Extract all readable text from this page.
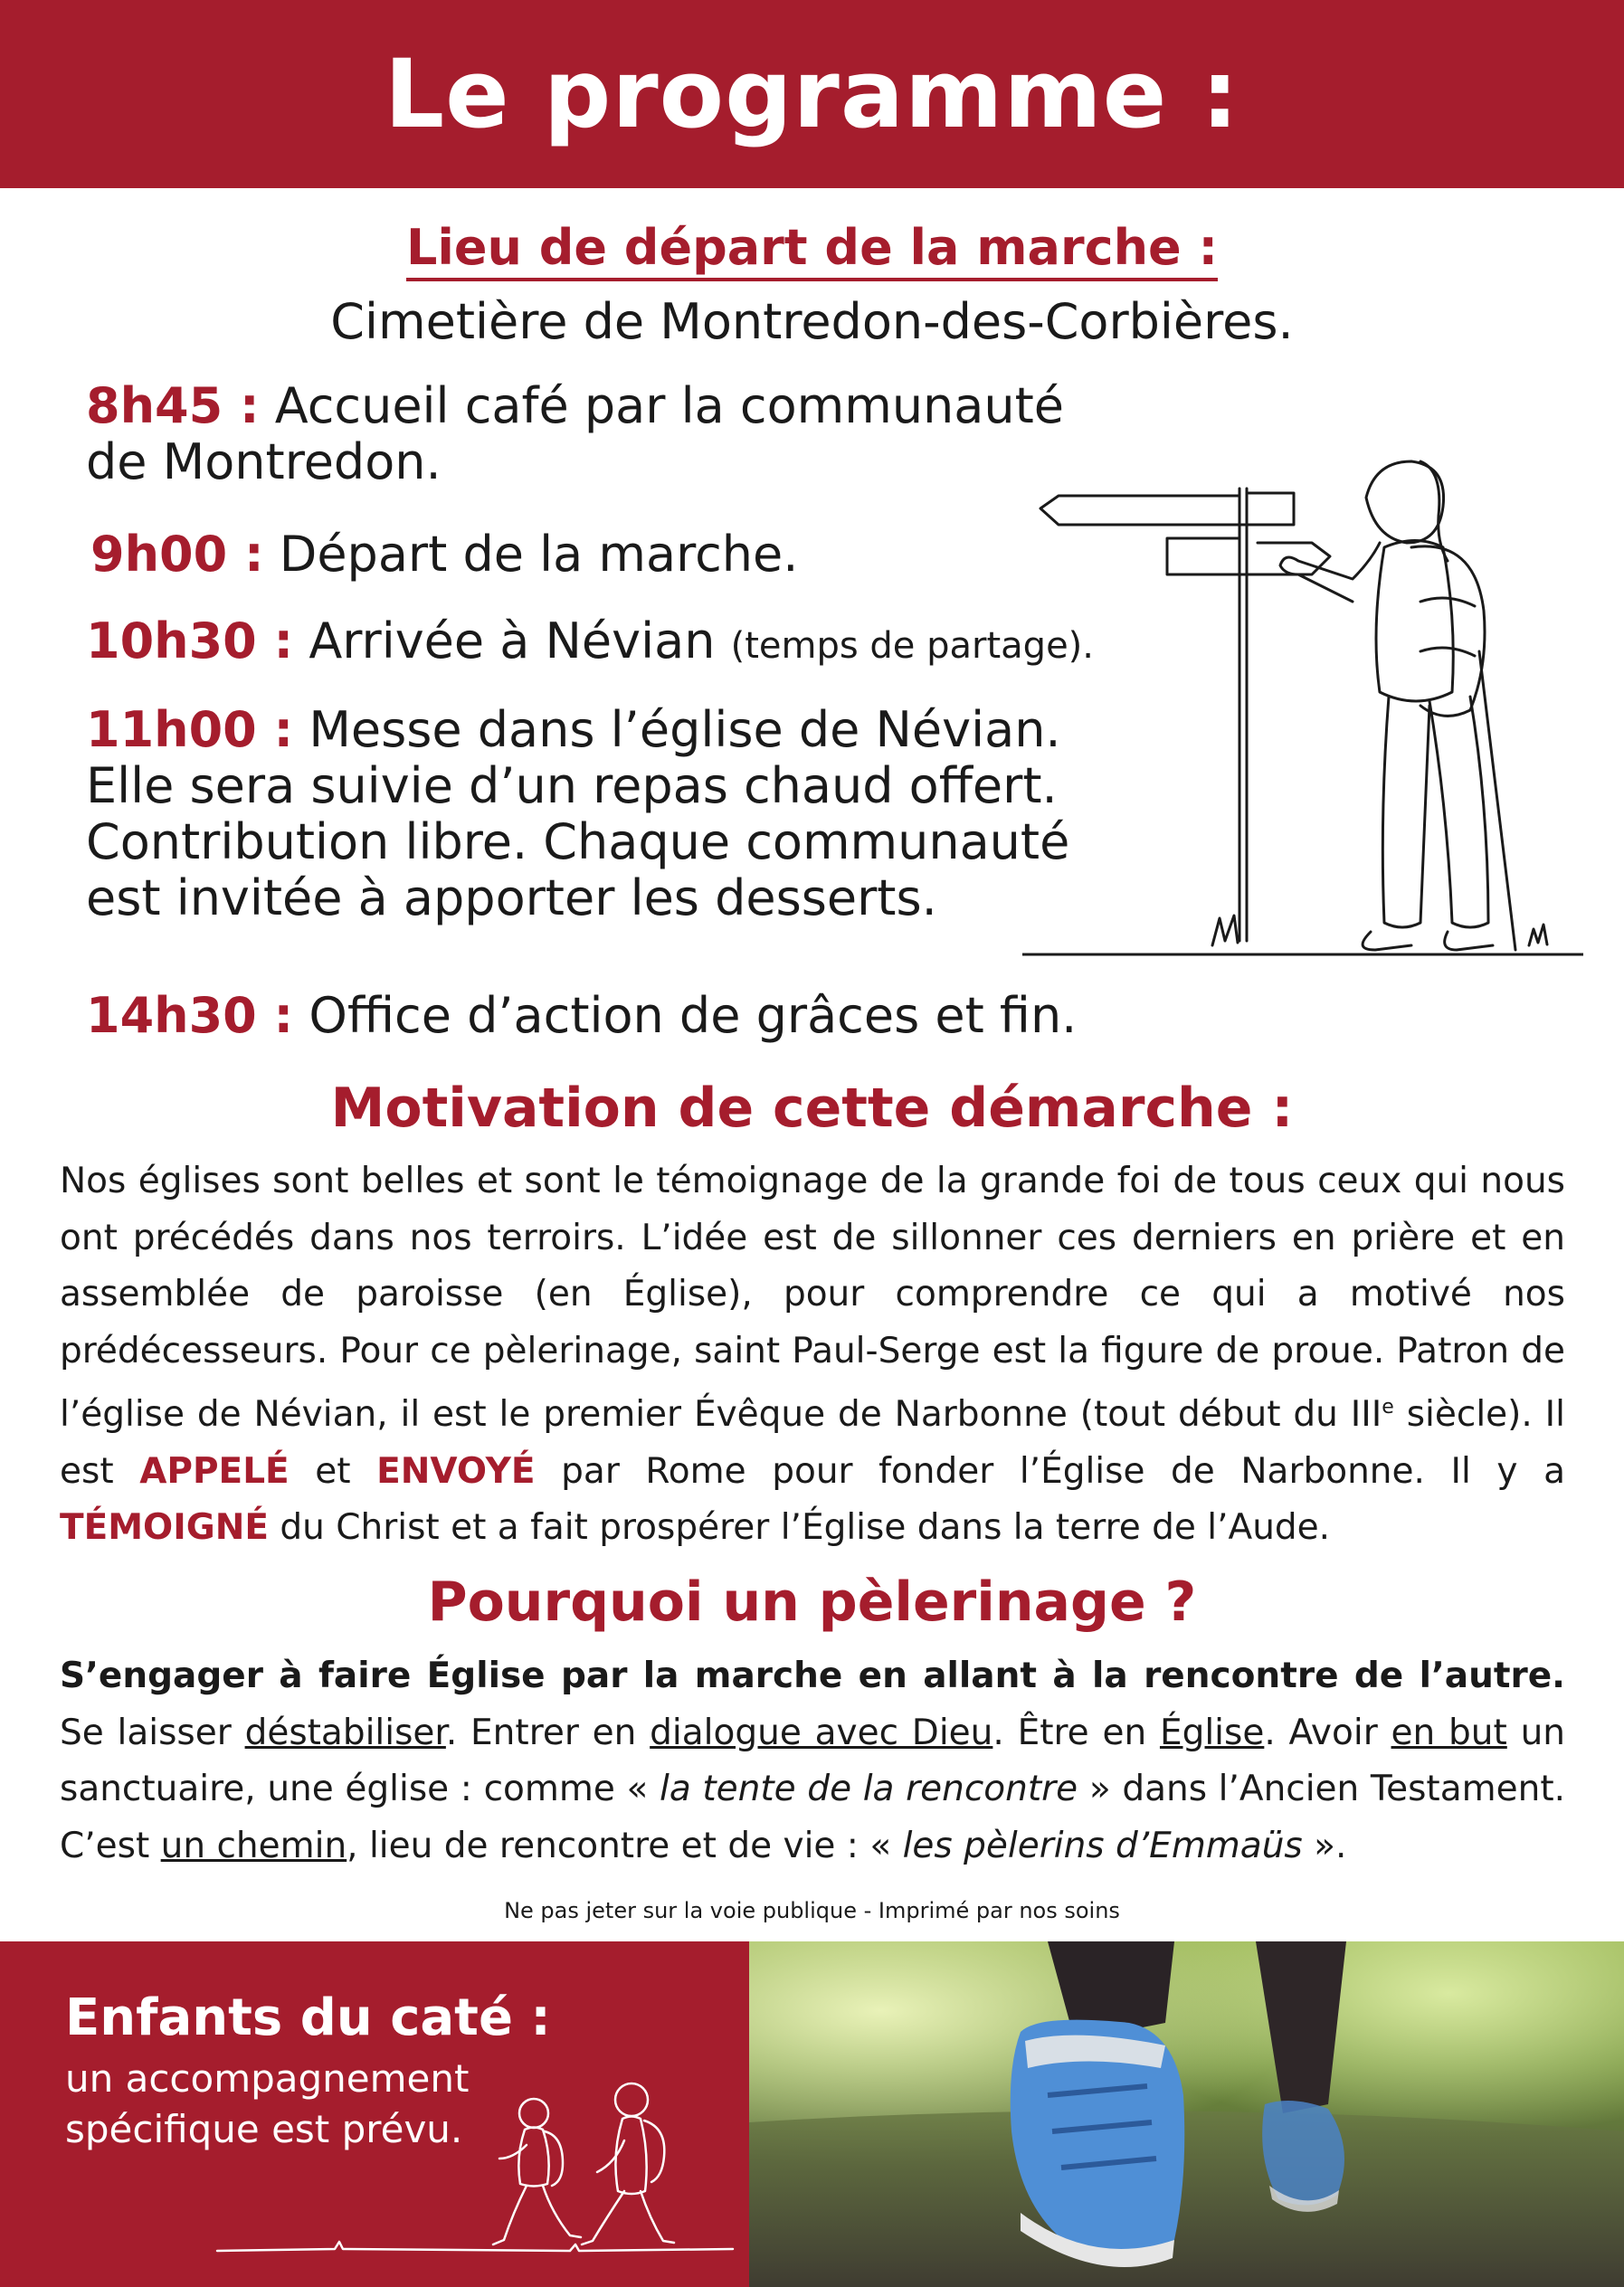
Le programme :
Lieu de départ de la marche :
Cimetière de Montredon-des-Corbières.
8h45 : Accueil café par la communauté
de Montredon.
9h00 : Départ de la marche.
10h30 : Arrivée à Névian (temps de partage).
11h00 : Messe dans l’église de Névian.
Elle sera suivie d’un repas chaud offert.
Contribution libre. Chaque communauté
est invitée à apporter les desserts.
14h30 : Office d’action de grâces et fin.
Motivation de cette démarche :
Nos églises sont belles et sont le témoignage de la grande foi de tous ceux qui nous ont précédés dans nos terroirs. L’idée est de sillonner ces derniers en prière et en assemblée de paroisse (en Église), pour comprendre ce qui a motivé nos prédécesseurs. Pour ce pèlerinage, saint Paul-Serge est la figure de proue. Patron de l’église de Névian, il est le premier Évêque de Narbonne (tout début du IIIe siècle). Il est APPELÉ et ENVOYÉ par Rome pour fonder l’Église de Narbonne. Il y a TÉMOIGNÉ du Christ et a fait prospérer l’Église dans la terre de l’Aude.
Pourquoi un pèlerinage ?
S’engager à faire Église par la marche en allant à la rencontre de l’autre. Se laisser déstabiliser. Entrer en dialogue avec Dieu. Être en Église. Avoir en but un sanctuaire, une église : comme « la tente de la rencontre » dans l’Ancien Testament. C’est un chemin, lieu de rencontre et de vie : « les pèlerins d’Emmaüs ».
Ne pas jeter sur la voie publique - Imprimé par nos soins
Enfants du caté :
un accompagnement
spécifique est prévu.
